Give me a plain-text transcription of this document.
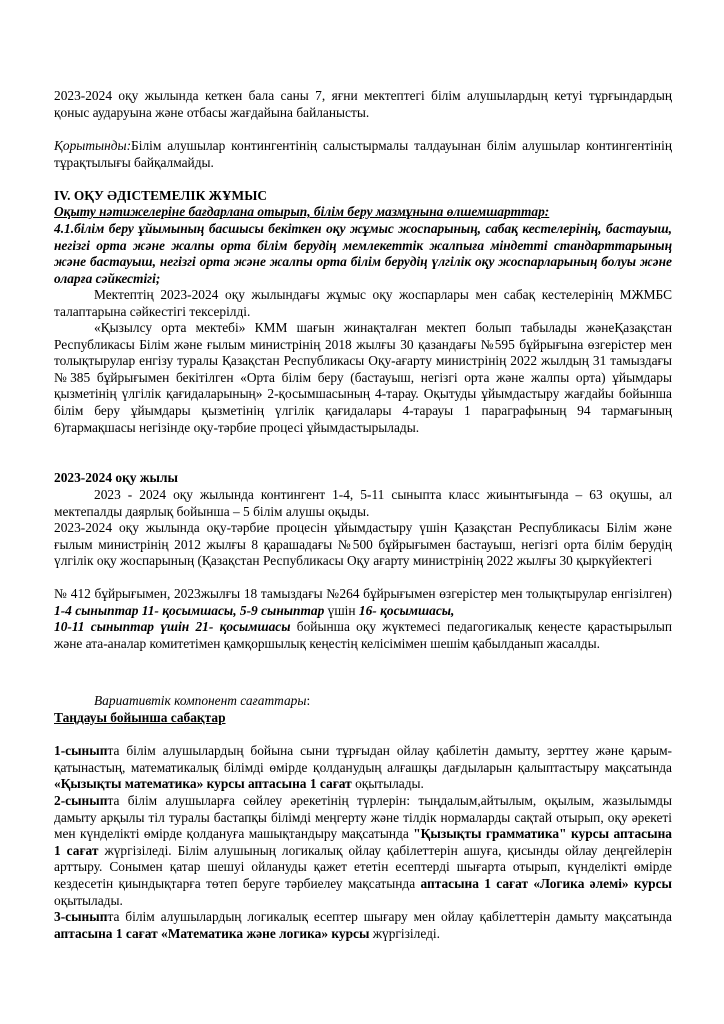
2023-2024 оқу жылында кеткен бала саны 7, яғни мектептегі білім алушылардың кетуі тұрғындардың қоныс аударуына және отбасы жағдайына байланысты.

Қорытынды:Білім алушылар контингентінің салыстырмалы талдауынан білім алушылар контингентінің тұрақтылығы байқалмайды.

IV. ОҚУ ӘДІСТЕМЕЛІК ЖҰМЫС

Оқыту нәтижелеріне бағдарлана отырып, білім беру мазмұнына өлшемшарттар:

4.1.білім беру ұйымының басшысы бекіткен оқу жұмыс жоспарының, сабақ кестелерінің, бастауыш, негізгі орта және жалпы орта білім берудің мемлекеттік жалпыға міндетті стандарттарының және бастауыш, негізгі орта және жалпы орта білім берудің үлгілік оқу жоспарларының болуы және оларға сәйкестігі;

Мектептің 2023-2024 оқу жылындағы жұмыс оқу жоспарлары мен сабақ кестелерінің МЖМБС талаптарына сәйкестігі тексерілді.

«Қызылсу орта мектебі» КММ шағын жинақталған мектеп болып табылады жәнеҚазақстан Республикасы Білім және ғылым министрінің 2018 жылғы 30 қазандағы №595 бұйрығына өзгерістер мен толықтырулар енгізу туралы Қазақстан Республикасы Оқу-ағарту министрінің 2022 жылдың 31 тамыздағы №385 бұйрығымен бекітілген «Орта білім беру (бастауыш, негізгі орта және жалпы орта) ұйымдары қызметінің үлгілік қағидаларының» 2-қосымшасының 4-тарау. Оқытуды ұйымдастыру жағдайы бойынша білім беру ұйымдары қызметінің үлгілік қағидалары 4-тарауы 1 параграфының 94 тармағының 6)тармақшасы негізінде оқу-тәрбие процесі ұйымдастырылады.

2023-2024 оқу жылы

2023 - 2024 оқу жылында контингент 1-4, 5-11 сыныпта класс жиынтығында – 63 оқушы, ал мектепалды даярлық бойынша – 5 білім алушы оқыды.

2023-2024 оқу жылында оқу-тәрбие процесін ұйымдастыру үшін Қазақстан Республикасы Білім және ғылым министрінің 2012 жылғы 8 қарашадағы №500 бұйрығымен бастауыш, негізгі орта білім берудің үлгілік оқу жоспарының (Қазақстан Республикасы Оқу ағарту министрінің 2022 жылғы 30 қыркүйектегі

№ 412 бұйрығымен, 2023жылғы 18 тамыздағы №264 бұйрығымен өзгерістер мен толықтырулар енгізілген) 1-4 сыныптар 11- қосымшасы, 5-9 сыныптар үшін 16- қосымшасы,
10-11 сыныптар үшін 21- қосымшасы бойынша оқу жүктемесі педагогикалық кеңесте қарастырылып және ата-аналар комитетімен қамқоршылық кеңестің келісімімен шешім қабылданып жасалды.

Вариативтік компонент сағаттары:

Таңдауы бойынша сабақтар

1-сыныпта білім алушылардың бойына сыни тұрғыдан ойлау қабілетін дамыту, зерттеу және қарым-қатынастың, математикалық білімді өмірде қолданудың алғашқы дағдыларын қалыптастыру мақсатында «Қызықты математика» курсы аптасына 1 сағат оқытылады.

2-сыныпта білім алушыларға сөйлеу әрекетінің түрлерін: тыңдалым,айтылым, оқылым, жазылымды дамыту арқылы тіл туралы бастапқы білімді меңгерту және тілдік нормаларды сақтай отырып, оқу әрекеті мен күнделікті өмірде қолдануға машықтандыру мақсатында "Қызықты грамматика" курсы аптасына 1 сағат жүргізіледі. Білім алушының логикалық ойлау қабілеттерін ашуға, қисынды ойлау деңгейлерін арттыру. Сонымен қатар шешуі ойлануды қажет ететін есептерді шығарта отырып, күнделікті өмірде кездесетін қиындықтарға төтеп беруге тәрбиелеу мақсатында аптасына 1 сағат «Логика әлемі» курсы оқытылады.

3-сыныпта білім алушылардың логикалық есептер шығару мен ойлау қабілеттерін дамыту мақсатында аптасына 1 сағат «Математика және логика» курсы жүргізіледі.
